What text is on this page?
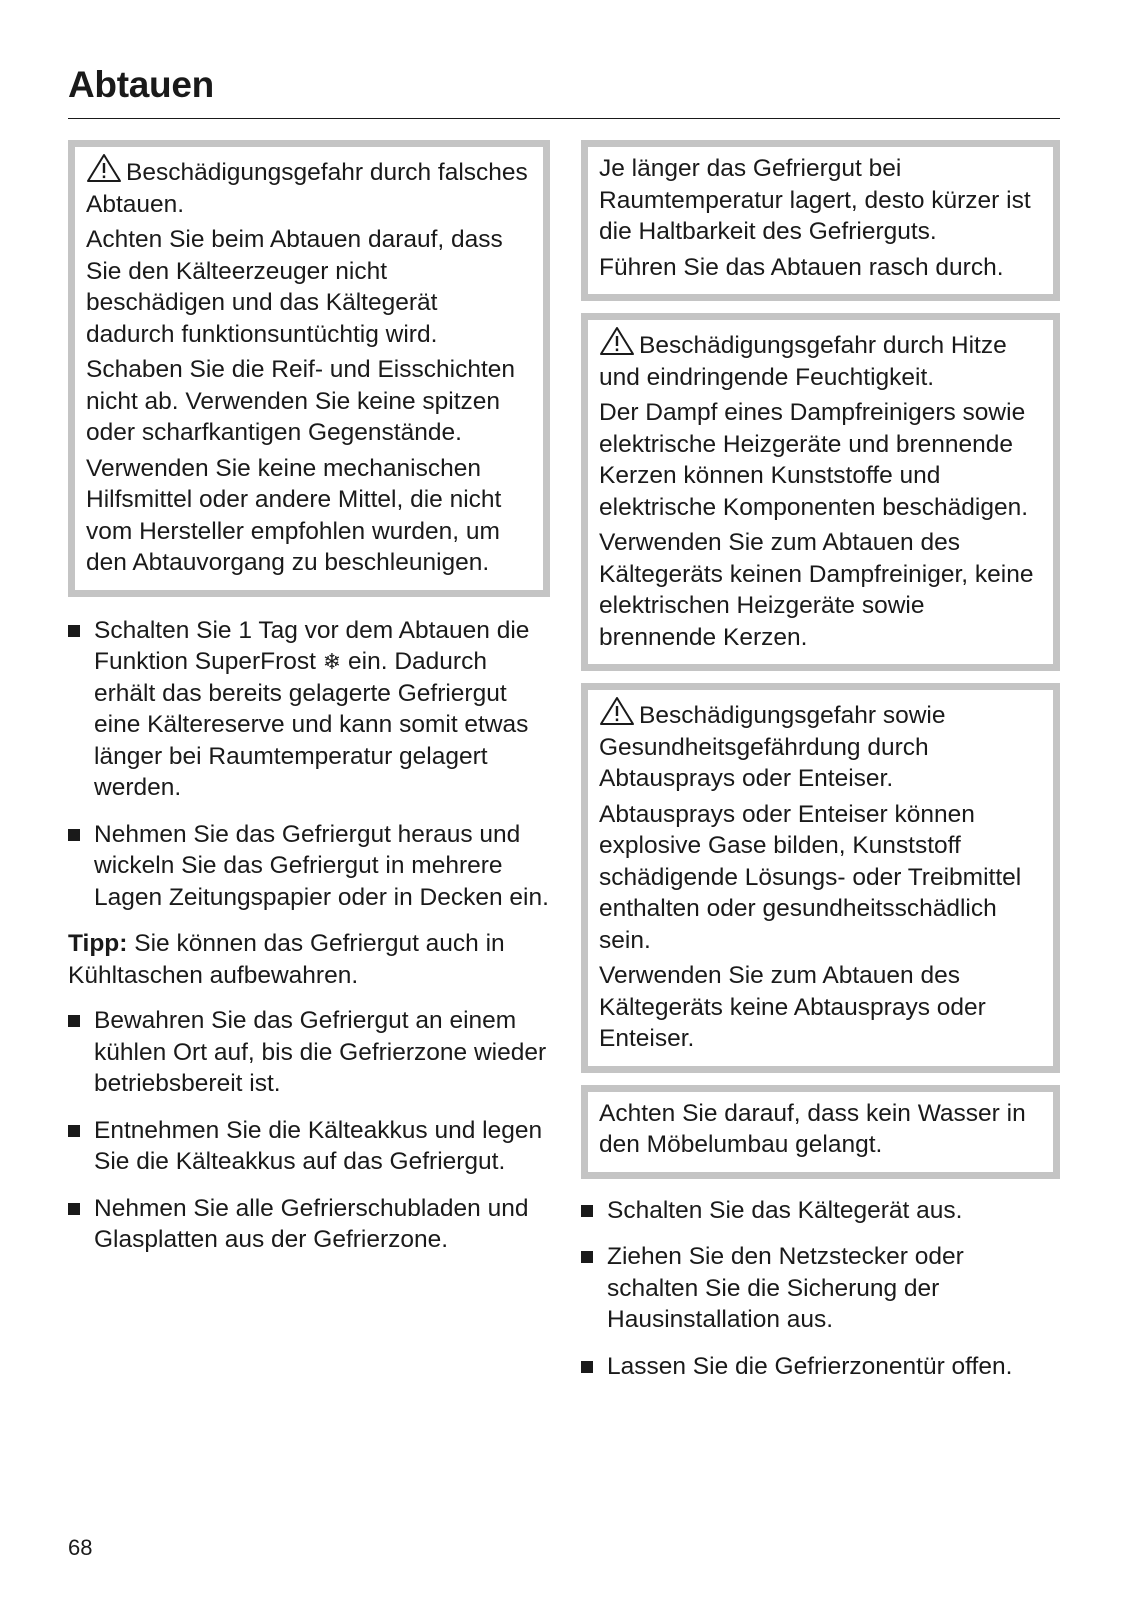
Abtauen

Beschädigungsgefahr durch falsches Abtauen.

Achten Sie beim Abtauen darauf, dass Sie den Kälteerzeuger nicht beschädigen und das Kältegerät dadurch funktionsuntüchtig wird.

Schaben Sie die Reif- und Eisschichten nicht ab. Verwenden Sie keine spitzen oder scharfkantigen Gegenstände.

Verwenden Sie keine mechanischen Hilfsmittel oder andere Mittel, die nicht vom Hersteller empfohlen wurden, um den Abtauvorgang zu beschleunigen.

Schalten Sie 1 Tag vor dem Abtauen die Funktion SuperFrost ❄ ein. Dadurch erhält das bereits gelagerte Gefriergut eine Kältereserve und kann somit etwas länger bei Raumtemperatur gelagert werden.
Nehmen Sie das Gefriergut heraus und wickeln Sie das Gefriergut in mehrere Lagen Zeitungspapier oder in Decken ein.

Tipp: Sie können das Gefriergut auch in Kühltaschen aufbewahren.

Bewahren Sie das Gefriergut an einem kühlen Ort auf, bis die Gefrierzone wieder betriebsbereit ist.
Entnehmen Sie die Kälteakkus und legen Sie die Kälteakkus auf das Gefriergut.
Nehmen Sie alle Gefrierschubladen und Glasplatten aus der Gefrierzone.

Je länger das Gefriergut bei Raumtemperatur lagert, desto kürzer ist die Haltbarkeit des Gefrierguts.

Führen Sie das Abtauen rasch durch.

Beschädigungsgefahr durch Hitze und eindringende Feuchtigkeit.

Der Dampf eines Dampfreinigers sowie elektrische Heizgeräte und brennende Kerzen können Kunststoffe und elektrische Komponenten beschädigen.

Verwenden Sie zum Abtauen des Kältegeräts keinen Dampfreiniger, keine elektrischen Heizgeräte sowie brennende Kerzen.

Beschädigungsgefahr sowie Gesundheitsgefährdung durch Abtausprays oder Enteiser.

Abtausprays oder Enteiser können explosive Gase bilden, Kunststoff schädigende Lösungs- oder Treibmittel enthalten oder gesundheitsschädlich sein.

Verwenden Sie zum Abtauen des Kältegeräts keine Abtausprays oder Enteiser.

Achten Sie darauf, dass kein Wasser in den Möbelumbau gelangt.

Schalten Sie das Kältegerät aus.
Ziehen Sie den Netzstecker oder schalten Sie die Sicherung der Hausinstallation aus.
Lassen Sie die Gefrierzonentür offen.
68
